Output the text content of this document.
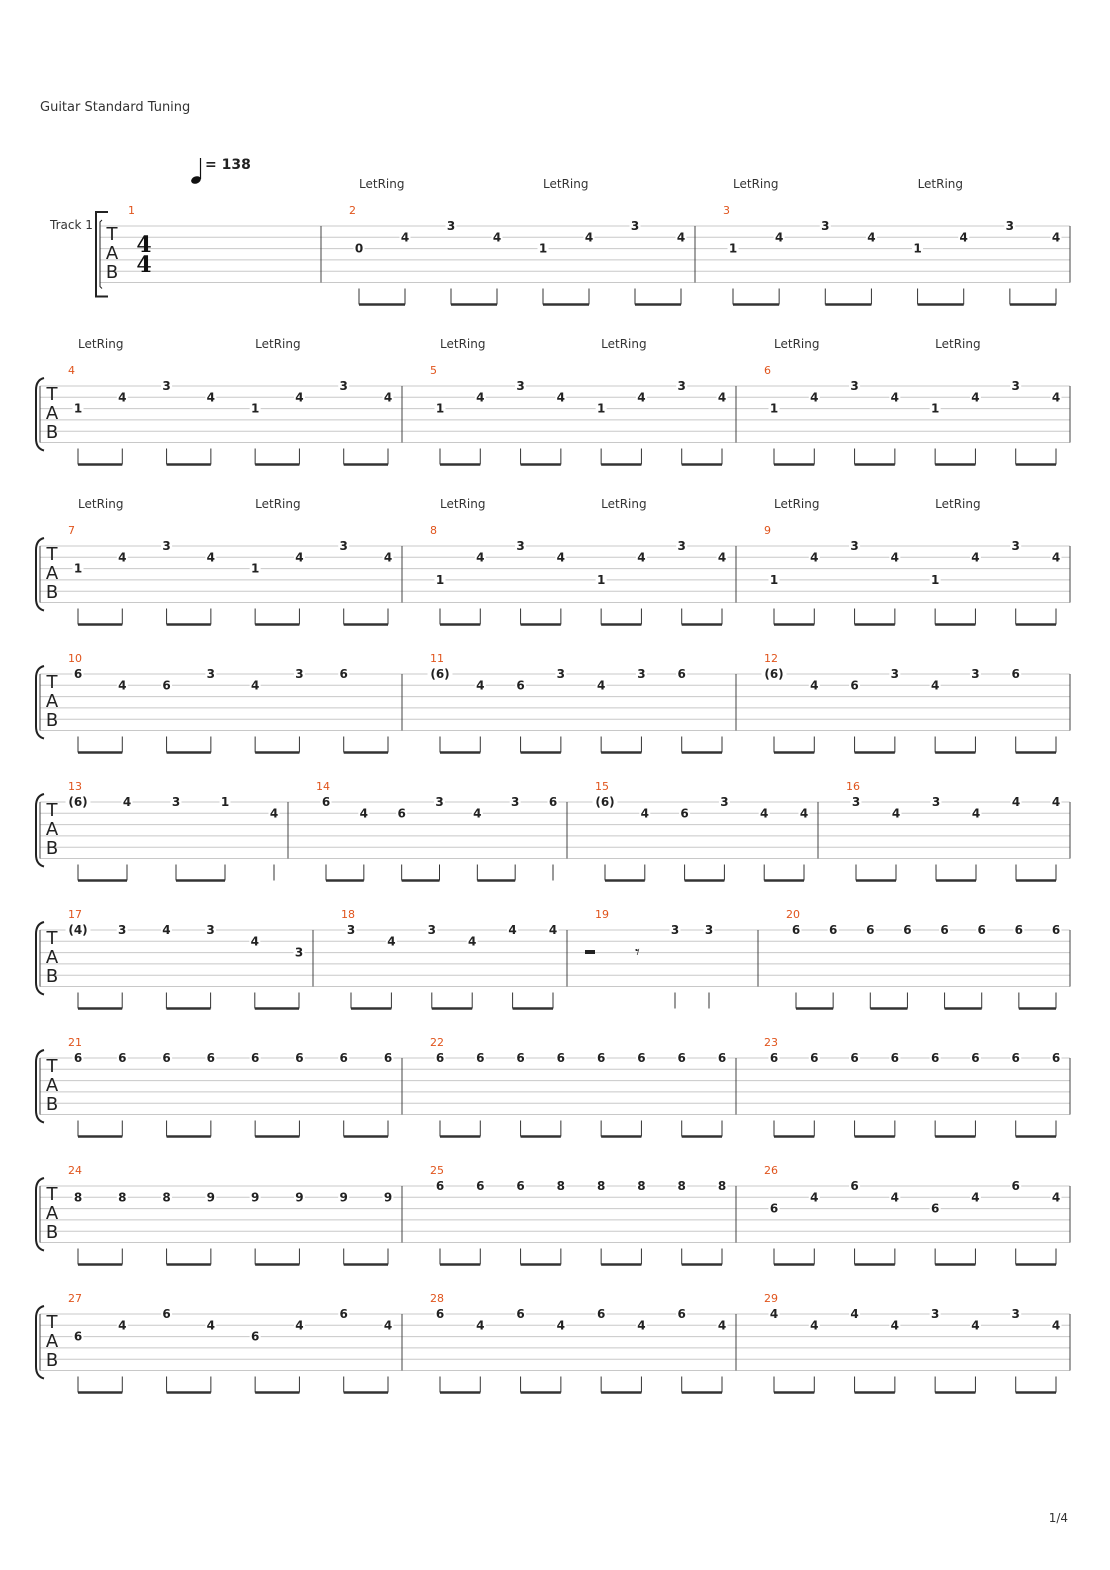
Guitar Standard Tuning
1/4
= 138
Track 1 T
A
B
4
4
1	2
LetRing	LetRing
0
4
3
4
1
4
3
4
3
LetRing	LetRing
1
4
3
4
1
4
3
4
T
A
B
4
LetRing	LetRing
1
4
3
4
1
4
3
4
5
LetRing	LetRing
1
4
3
4
1
4
3
4
6
LetRing	LetRing
1
4
3
4
1
4
3
4
T
A
B
7
LetRing	LetRing
1
4
3
4
1
4
3
4
8
LetRing	LetRing
1
4
3
4
1
4
3
4
9
LetRing	LetRing
1
4
3
4
1
4
3
4
T
A
B
10
6
4	6
3
4
3	6
11
(6)
4	6
3
4
3	6
12
(6)
4	6
3
4
3	6
T
A
B
13
(6)	4	3	1
4
14
6
4 6
3
4
3 6
15
(6)
4	6
3
4	4
16
3
4
3
4
4	4
T
A
B
17
(4)	3	4	3
4
3
18
3
4
3
4
4	4
19
𝄾
3 3
20
6 6 6 6 6 6 6 6
T
A
B
21
6	6	6	6	6	6	6	6
22
6	6	6	6	6	6	6	6
23
6	6	6	6	6	6	6	6
T
A
B
24
8	8	8	9	9	9	9	9
25
6	6	6	8	8	8	8	8
26
6
4
6
4
6
4
6
4
T
A
B
27
6
4
6
4
6
4
6
4
28
6
4
6
4
6
4
6
4
29
4
4
4
4
3
4
3
4
